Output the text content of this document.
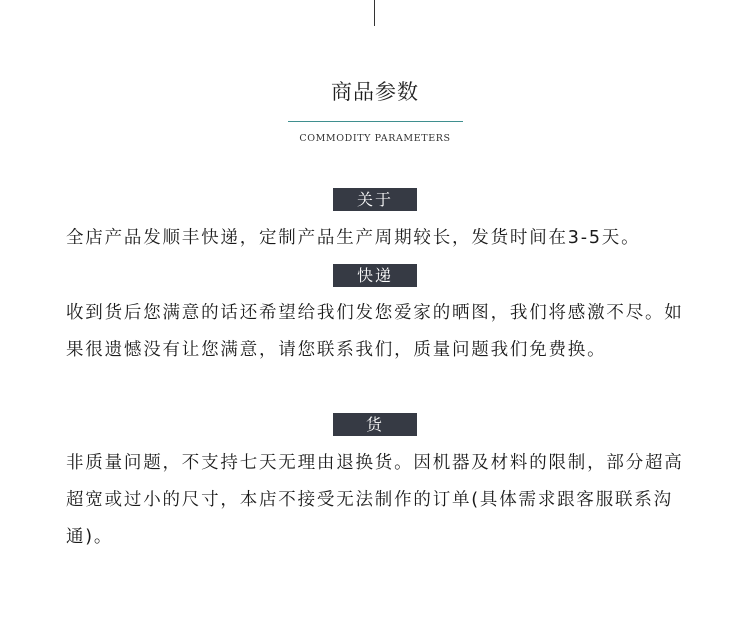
商品参数
COMMODITY PARAMETERS
关于
全店产品发顺丰快递，定制产品生产周期较长，发货时间在3-5天。
快递
收到货后您满意的话还希望给我们发您爱家的晒图，我们将感激不尽。如果很遗憾没有让您满意，请您联系我们，质量问题我们免费换。
货
非质量问题，不支持七天无理由退换货。因机器及材料的限制，部分超高超宽或过小的尺寸，本店不接受无法制作的订单(具体需求跟客服联系沟通)。
